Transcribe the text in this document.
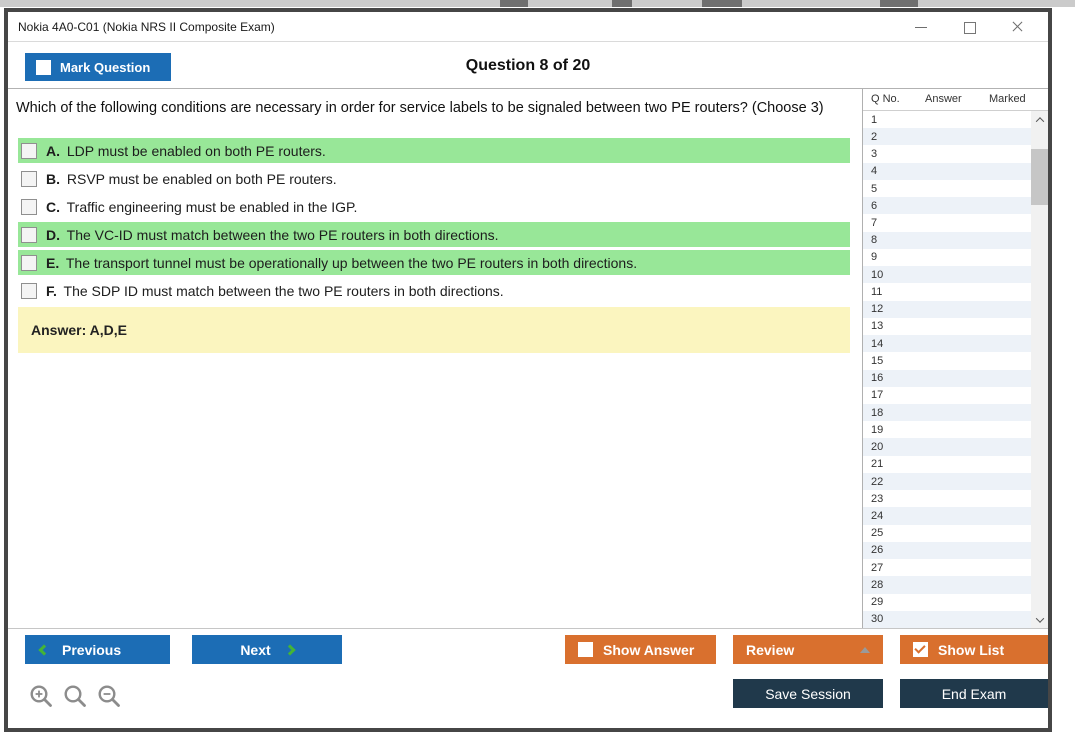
Nokia 4A0-C01 (Nokia NRS II Composite Exam)
Question 8 of 20
Mark Question
Which of the following conditions are necessary in order for service labels to be signaled between two PE routers? (Choose 3)
A. LDP must be enabled on both PE routers.
B. RSVP must be enabled on both PE routers.
C. Traffic engineering must be enabled in the IGP.
D. The VC-ID must match between the two PE routers in both directions.
E. The transport tunnel must be operationally up between the two PE routers in both directions.
F. The SDP ID must match between the two PE routers in both directions.
Answer: A,D,E
Q No. Answer Marked
1
2
3
4
5
6
7
8
9
10
11
12
13
14
15
16
17
18
19
20
21
22
23
24
25
26
27
28
29
30
Previous	Next	Show Answer	Review	Show List
Save Session	End Exam
